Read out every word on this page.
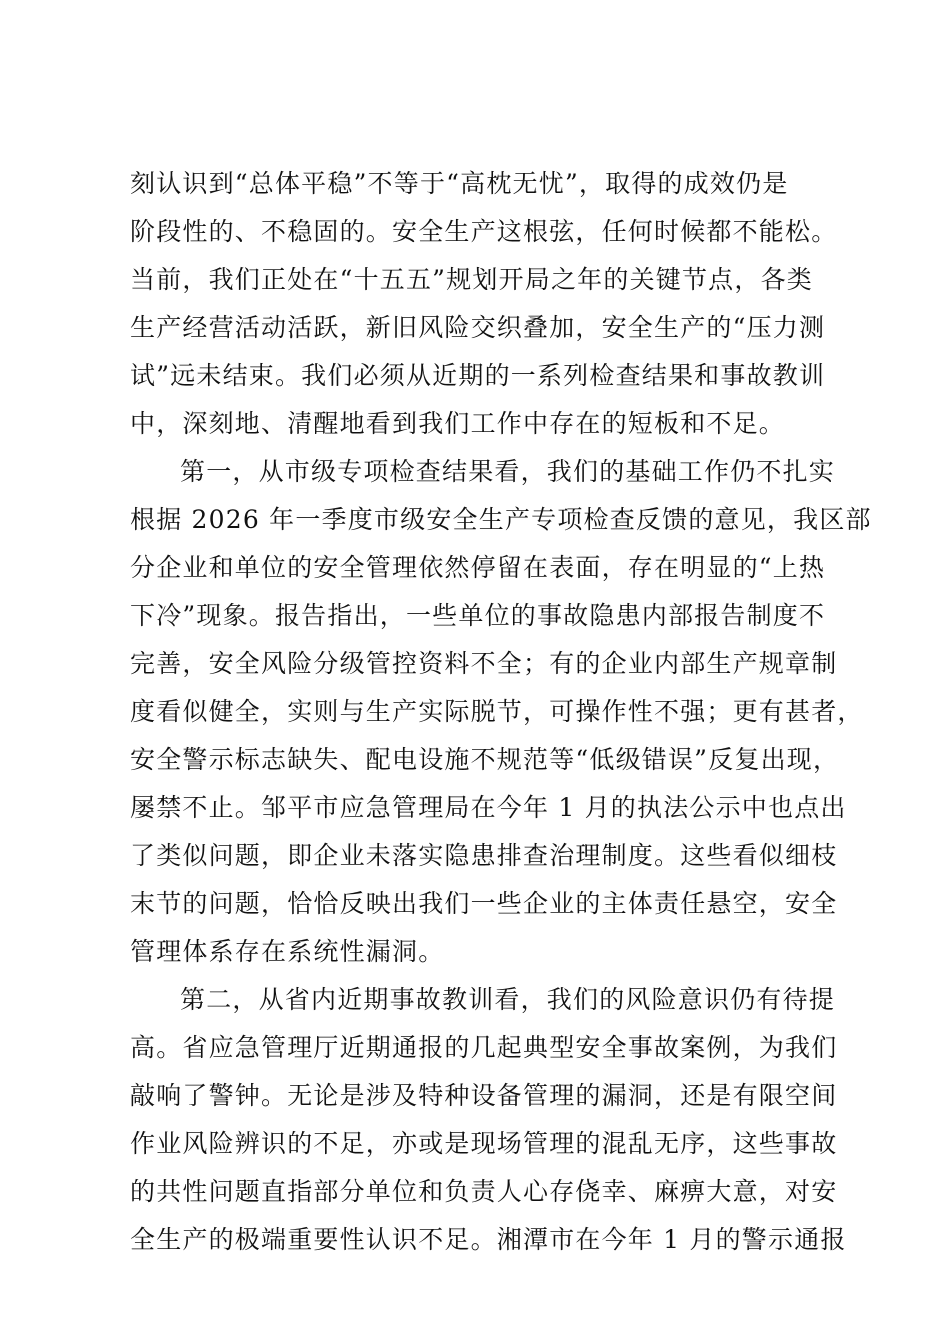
刻认识到“总体平稳”不等于“高枕无忧”，取得的成效仍是
阶段性的、不稳固的。安全生产这根弦，任何时候都不能松。
当前，我们正处在“十五五”规划开局之年的关键节点，各类
生产经营活动活跃，新旧风险交织叠加，安全生产的“压力测
试”远未结束。我们必须从近期的一系列检查结果和事故教训
中，深刻地、清醒地看到我们工作中存在的短板和不足。
第一，从市级专项检查结果看，我们的基础工作仍不扎实
根据 2026 年一季度市级安全生产专项检查反馈的意见，我区部
分企业和单位的安全管理依然停留在表面，存在明显的“上热
下冷”现象。报告指出，一些单位的事故隐患内部报告制度不
完善，安全风险分级管控资料不全；有的企业内部生产规章制
度看似健全，实则与生产实际脱节，可操作性不强；更有甚者，
安全警示标志缺失、配电设施不规范等“低级错误”反复出现，
屡禁不止。邹平市应急管理局在今年 1 月的执法公示中也点出
了类似问题，即企业未落实隐患排查治理制度。这些看似细枝
末节的问题，恰恰反映出我们一些企业的主体责任悬空，安全
管理体系存在系统性漏洞。
第二，从省内近期事故教训看，我们的风险意识仍有待提
高。省应急管理厅近期通报的几起典型安全事故案例，为我们
敲响了警钟。无论是涉及特种设备管理的漏洞，还是有限空间
作业风险辨识的不足，亦或是现场管理的混乱无序，这些事故
的共性问题直指部分单位和负责人心存侥幸、麻痹大意，对安
全生产的极端重要性认识不足。湘潭市在今年 1 月的警示通报
